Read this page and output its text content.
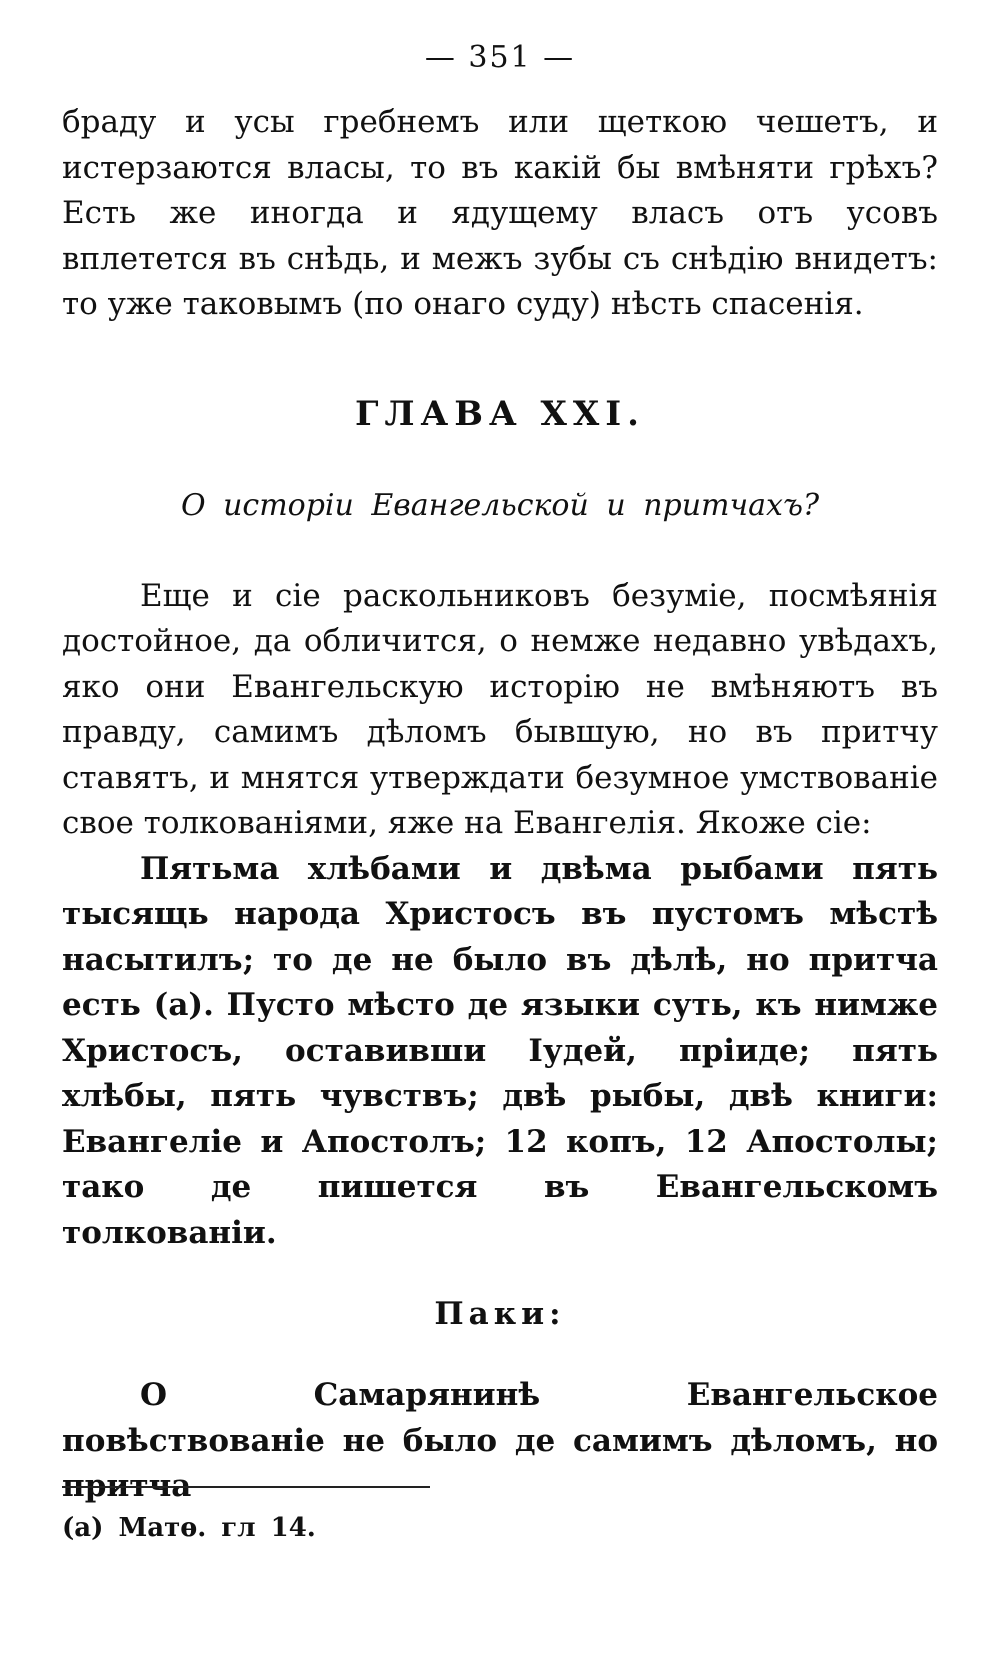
— 351 —

браду и усы гребнемъ или щеткою чешетъ, и истерзаются власы, то въ какій бы вмѣняти грѣхъ? Есть же иногда и ядущему власъ отъ усовъ вплетется въ снѣдь, и межъ зубы съ снѣдію внидетъ: то уже таковымъ (по онаго суду) нѣсть спасенія.

ГЛАВА XXI.

О исторіи Евангельской и притчахъ?

Еще и сіе раскольниковъ безуміе, посмѣянія достойное, да обличится, о немже недавно увѣдахъ, яко они Евангельскую исторію не вмѣняютъ въ правду, самимъ дѣломъ бывшую, но въ притчу ставятъ, и мнятся утверждати безумное умствованіе свое толкованіями, яже на Евангелія. Якоже сіе:

Пятьма хлѣбами и двѣма рыбами пять тысящь народа Христосъ въ пустомъ мѣстѣ насытилъ; то де не было въ дѣлѣ, но притча есть (а). Пусто мѣсто де языки суть, къ нимже Христосъ, оставивши Іудей, пріиде; пять хлѣбы, пять чувствъ; двѣ рыбы, двѣ книги: Евангеліе и Апостолъ; 12 копъ, 12 Апостолы; тако де пишется въ Евангельскомъ толкованіи.

Паки:

О Самарянинѣ Евангельское повѣствованіе не было де самимъ дѣломъ, но притча

(а) Матѳ. гл 14.
